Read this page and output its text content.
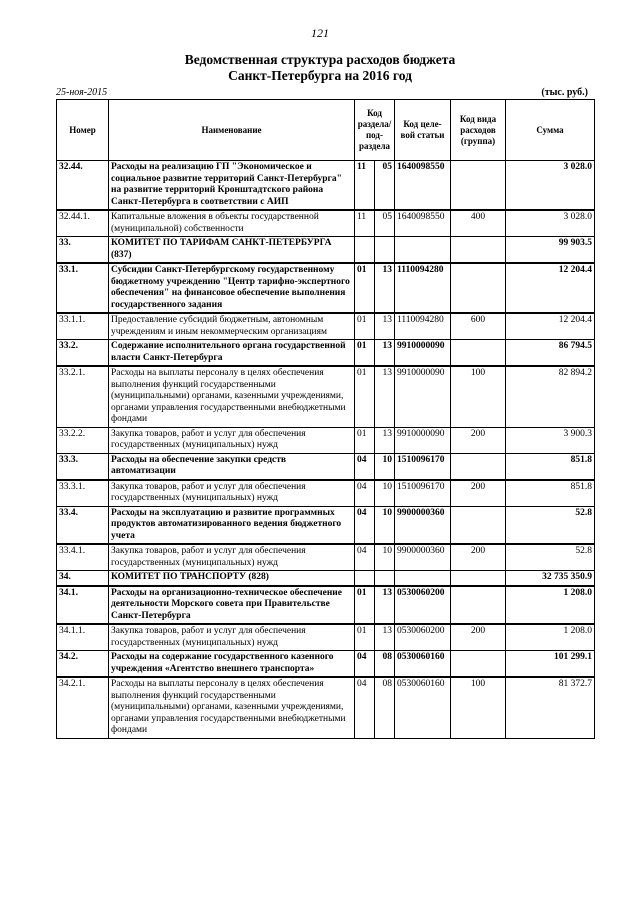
121
Ведомственная структура расходов бюджета
Санкт-Петербурга на 2016 год
25-ноя-2015	(тыс. руб.)
Номер	Наименование	Код раздела/ под- раздела		Код целе- вой статьи	Код вида расходов (группа)	Сумма
32.44.	Расходы на реализацию ГП "Экономическое и социальное развитие территорий Санкт-Петербурга" на развитие территорий Кронштадтского района Санкт-Петербурга в соответствии с АИП	11	05	1640098550		3 028.0
32.44.1.	Капитальные вложения в объекты государственной (муниципальной) собственности	11	05	1640098550	400	3 028.0
33.	КОМИТЕТ ПО ТАРИФАМ САНКТ-ПЕТЕРБУРГА (837)					99 903.5
33.1.	Субсидии Санкт-Петербургскому государственному бюджетному учреждению "Центр тарифно-экспертного обеспечения" на финансовое обеспечение выполнения государственного задания	01	13	1110094280		12 204.4
33.1.1.	Предоставление субсидий бюджетным, автономным учреждениям и иным некоммерческим организациям	01	13	1110094280	600	12 204.4
33.2.	Содержание исполнительного органа государственной власти Санкт-Петербурга	01	13	9910000090		86 794.5
33.2.1.	Расходы на выплаты персоналу в целях обеспечения выполнения функций государственными (муниципальными) органами, казенными учреждениями, органами управления государственными внебюджетными фондами	01	13	9910000090	100	82 894.2
33.2.2.	Закупка товаров, работ и услуг для обеспечения государственных (муниципальных) нужд	01	13	9910000090	200	3 900.3
33.3.	Расходы на обеспечение закупки средств автоматизации	04	10	1510096170		851.8
33.3.1.	Закупка товаров, работ и услуг для обеспечения государственных (муниципальных) нужд	04	10	1510096170	200	851.8
33.4.	Расходы на эксплуатацию и развитие программных продуктов автоматизированного ведения бюджетного учета	04	10	9900000360		52.8
33.4.1.	Закупка товаров, работ и услуг для обеспечения государственных (муниципальных) нужд	04	10	9900000360	200	52.8
34.	КОМИТЕТ ПО ТРАНСПОРТУ (828)					32 735 350.9
34.1.	Расходы на организационно-техническое обеспечение деятельности Морского совета при Правительстве Санкт-Петербурга	01	13	0530060200		1 208.0
34.1.1.	Закупка товаров, работ и услуг для обеспечения государственных (муниципальных) нужд	01	13	0530060200	200	1 208.0
34.2.	Расходы на содержание государственного казенного учреждения «Агентство внешнего транспорта»	04	08	0530060160		101 299.1
34.2.1.	Расходы на выплаты персоналу в целях обеспечения выполнения функций государственными (муниципальными) органами, казенными учреждениями, органами управления государственными внебюджетными фондами	04	08	0530060160	100	81 372.7
